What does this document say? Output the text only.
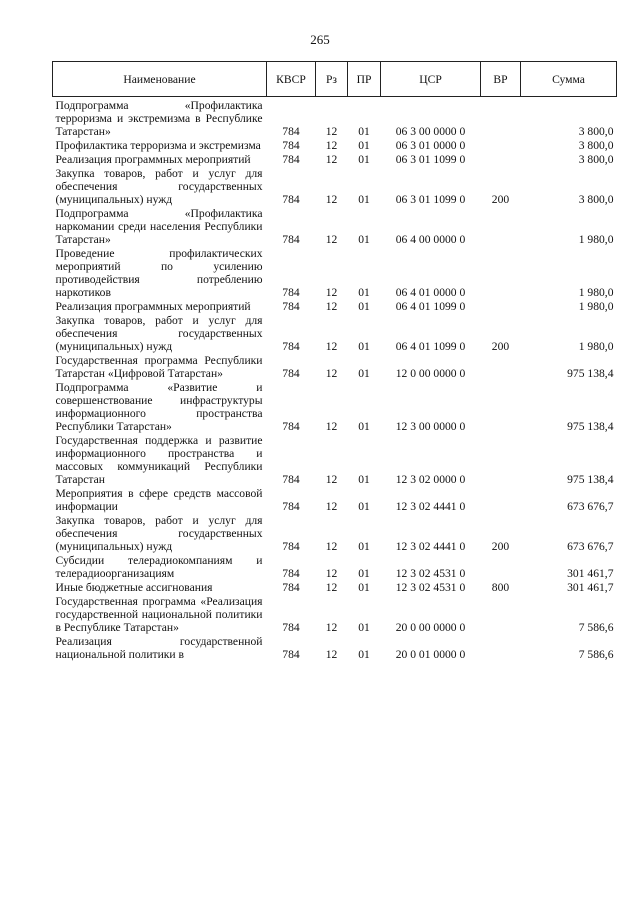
265
Наименование	КВСР	Рз	ПР	ЦСР	ВР	Сумма
Подпрограмма «Профилактика терроризма и экстремизма в Республике Татарстан»	784	12	01	06 3 00 0000 0		3 800,0
Профилактика терроризма и экстремизма	784	12	01	06 3 01 0000 0		3 800,0
Реализация программных мероприятий	784	12	01	06 3 01 1099 0		3 800,0
Закупка товаров, работ и услуг для обеспечения государственных (муниципальных) нужд	784	12	01	06 3 01 1099 0	200	3 800,0
Подпрограмма «Профилактика наркомании среди населения Республики Татарстан»	784	12	01	06 4 00 0000 0		1 980,0
Проведение профилактических мероприятий по усилению противодействия потреблению наркотиков	784	12	01	06 4 01 0000 0		1 980,0
Реализация программных мероприятий	784	12	01	06 4 01 1099 0		1 980,0
Закупка товаров, работ и услуг для обеспечения государственных (муниципальных) нужд	784	12	01	06 4 01 1099 0	200	1 980,0
Государственная программа Республики Татарстан «Цифровой Татарстан»	784	12	01	12 0 00 0000 0		975 138,4
Подпрограмма «Развитие и совершенствование инфраструктуры информационного пространства Республики Татарстан»	784	12	01	12 3 00 0000 0		975 138,4
Государственная поддержка и развитие информационного пространства и массовых коммуникаций Республики Татарстан	784	12	01	12 3 02 0000 0		975 138,4
Мероприятия в сфере средств массовой информации	784	12	01	12 3 02 4441 0		673 676,7
Закупка товаров, работ и услуг для обеспечения государственных (муниципальных) нужд	784	12	01	12 3 02 4441 0	200	673 676,7
Субсидии телерадиокомпаниям и телерадиоорганизациям	784	12	01	12 3 02 4531 0		301 461,7
Иные бюджетные ассигнования	784	12	01	12 3 02 4531 0	800	301 461,7
Государственная программа «Реализация государственной национальной политики в Республике Татарстан»	784	12	01	20 0 00 0000 0		7 586,6
Реализация государственной национальной политики в	784	12	01	20 0 01 0000 0		7 586,6
